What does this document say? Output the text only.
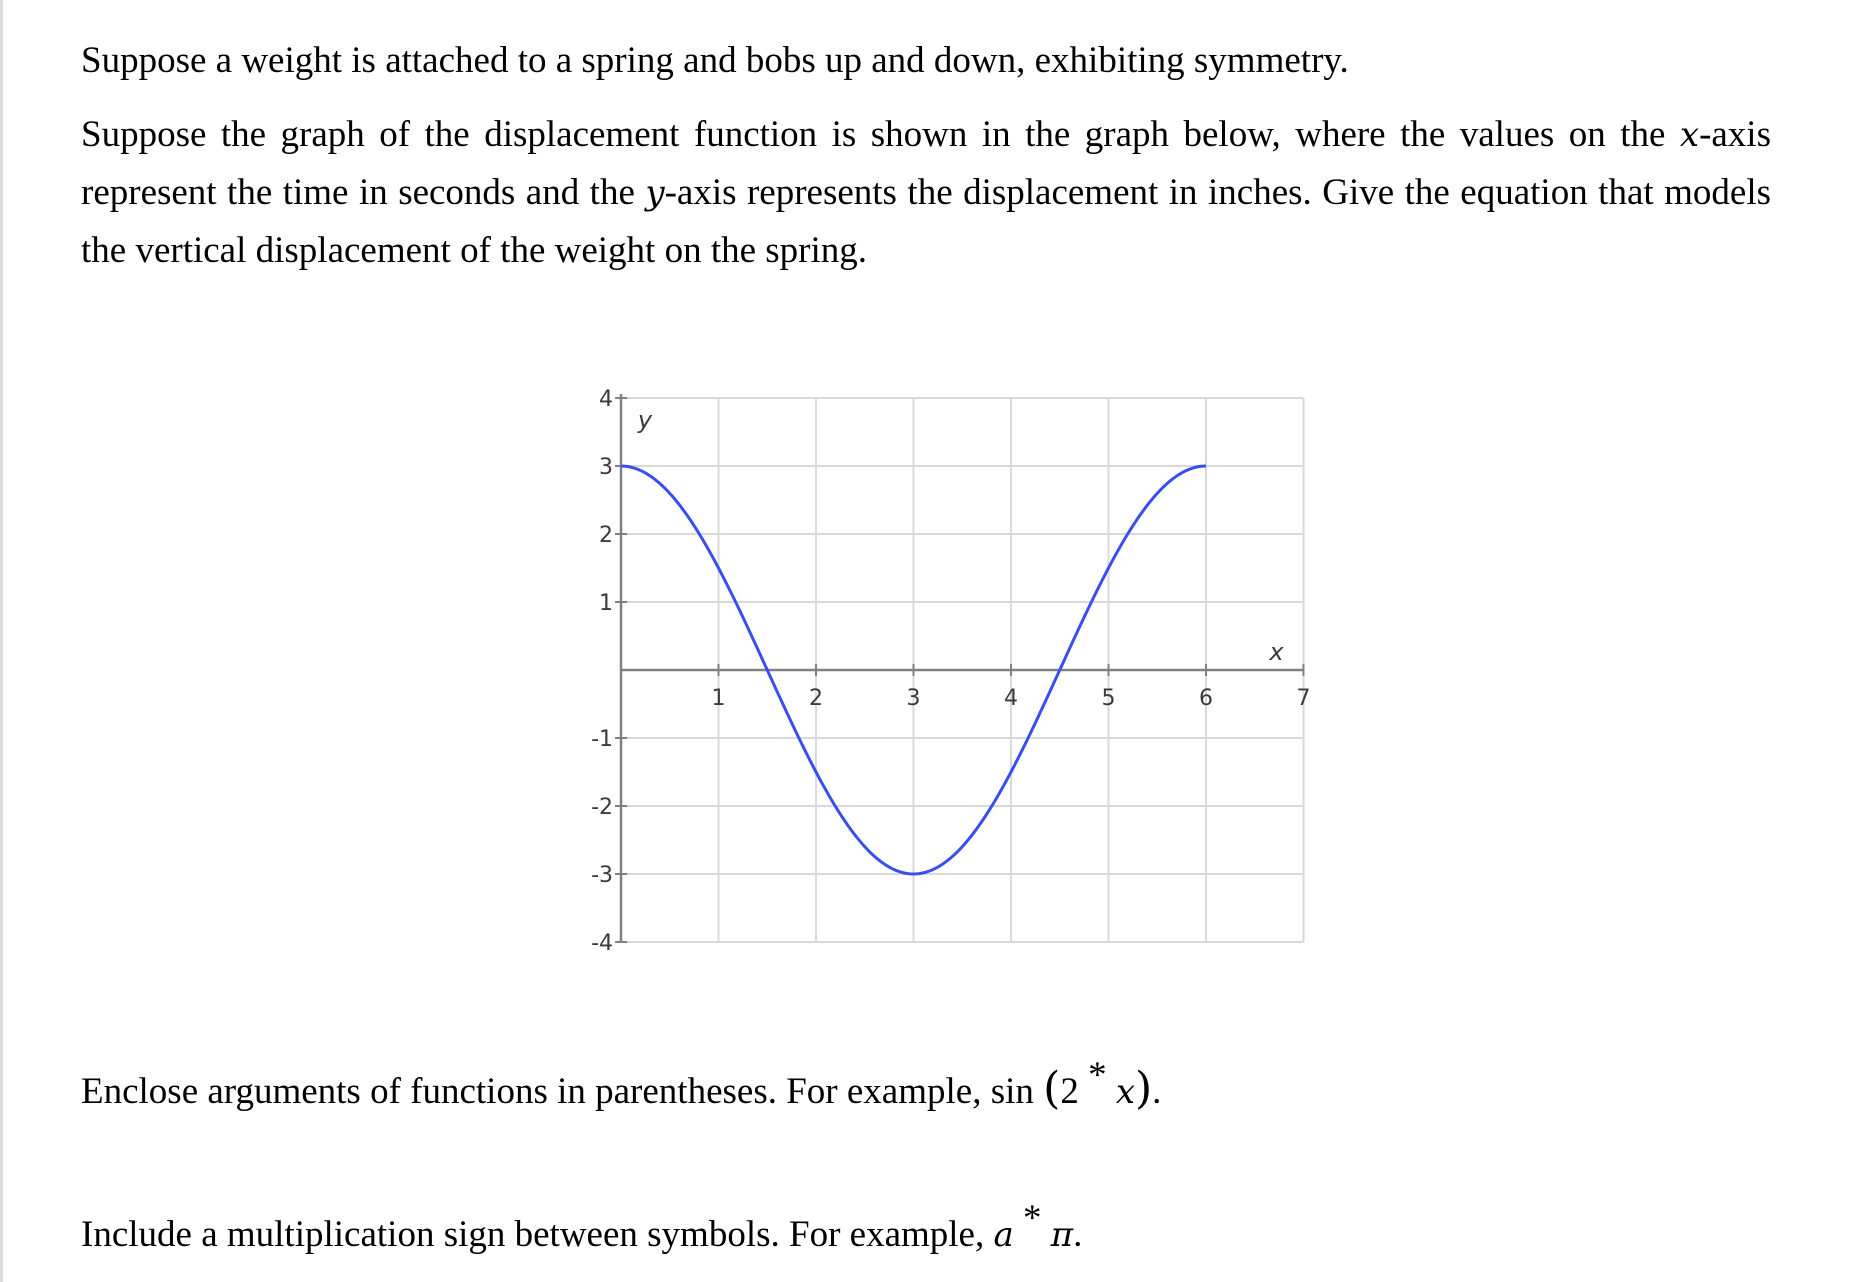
Suppose a weight is attached to a spring and bobs up and down, exhibiting symmetry.

Suppose the graph of the displacement function is shown in the graph below, where the values on the x-axis represent the time in seconds and the y-axis represents the displacement in inches. Give the equation that models the vertical displacement of the weight on the spring.

1	2	3	4	5	6	7
4
3
2
1
-1
-2
-3
-4
x
y

Enclose arguments of functions in parentheses. For example, sin (2 * x).

Include a multiplication sign between symbols. For example, a * π.
